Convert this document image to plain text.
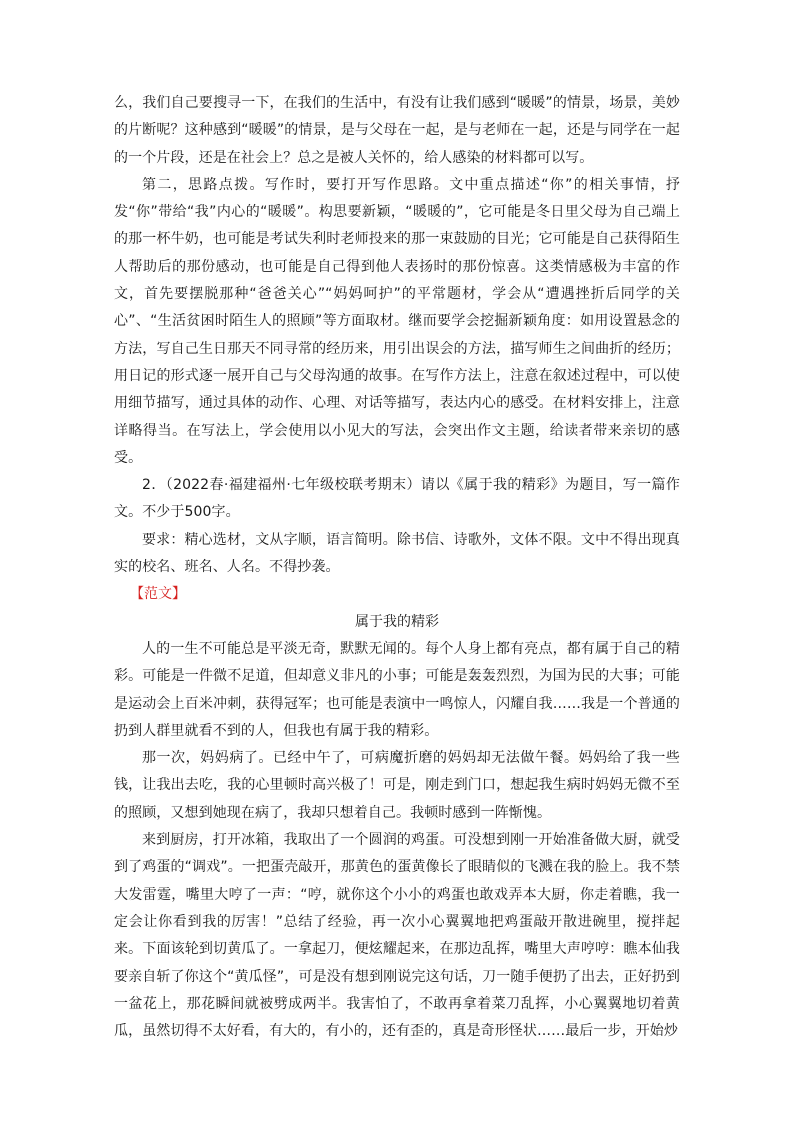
么，我们自己要搜寻一下，在我们的生活中，有没有让我们感到“暖暖”的情景，场景，美妙的片断呢？这种感到“暖暖”的情景，是与父母在一起，是与老师在一起，还是与同学在一起的一个片段，还是在社会上？总之是被人关怀的，给人感染的材料都可以写。

第二，思路点拨。写作时，要打开写作思路。文中重点描述“你”的相关事情，抒发“你”带给“我”内心的“暖暖”。构思要新颖，“暖暖的”，它可能是冬日里父母为自己端上的那一杯牛奶，也可能是考试失利时老师投来的那一束鼓励的目光；它可能是自己获得陌生人帮助后的那份感动，也可能是自己得到他人表扬时的那份惊喜。这类情感极为丰富的作文，首先要摆脱那种“爸爸关心”“妈妈呵护”的平常题材，学会从“遭遇挫折后同学的关心”、“生活贫困时陌生人的照顾”等方面取材。继而要学会挖掘新颖角度：如用设置悬念的方法，写自己生日那天不同寻常的经历来，用引出误会的方法，描写师生之间曲折的经历；用日记的形式逐一展开自己与父母沟通的故事。在写作方法上，注意在叙述过程中，可以使用细节描写，通过具体的动作、心理、对话等描写，表达内心的感受。在材料安排上，注意详略得当。在写法上，学会使用以小见大的写法，会突出作文主题，给读者带来亲切的感受。

2．（2022春·福建福州·七年级校联考期末）请以《属于我的精彩》为题目，写一篇作文。不少于500字。

要求：精心选材，文从字顺，语言简明。除书信、诗歌外，文体不限。文中不得出现真实的校名、班名、人名。不得抄袭。

【范文】

属于我的精彩

人的一生不可能总是平淡无奇，默默无闻的。每个人身上都有亮点，都有属于自己的精彩。可能是一件微不足道，但却意义非凡的小事；可能是轰轰烈烈，为国为民的大事；可能是运动会上百米冲刺，获得冠军；也可能是表演中一鸣惊人，闪耀自我……我是一个普通的扔到人群里就看不到的人，但我也有属于我的精彩。

那一次，妈妈病了。已经中午了，可病魔折磨的妈妈却无法做午餐。妈妈给了我一些钱，让我出去吃，我的心里顿时高兴极了！可是，刚走到门口，想起我生病时妈妈无微不至的照顾，又想到她现在病了，我却只想着自己。我顿时感到一阵惭愧。

来到厨房，打开冰箱，我取出了一个圆润的鸡蛋。可没想到刚一开始准备做大厨，就受到了鸡蛋的“调戏”。一把蛋壳敲开，那黄色的蛋黄像长了眼睛似的飞溅在我的脸上。我不禁大发雷霆，嘴里大哼了一声：“哼，就你这个小小的鸡蛋也敢戏弄本大厨，你走着瞧，我一定会让你看到我的厉害！”总结了经验，再一次小心翼翼地把鸡蛋敲开散进碗里，搅拌起来。下面该轮到切黄瓜了。一拿起刀，便炫耀起来，在那边乱挥，嘴里大声哼哼：瞧本仙我要亲自斩了你这个“黄瓜怪”，可是没有想到刚说完这句话，刀一随手便扔了出去，正好扔到一盆花上，那花瞬间就被劈成两半。我害怕了，不敢再拿着菜刀乱挥，小心翼翼地切着黄瓜，虽然切得不太好看，有大的，有小的，还有歪的，真是奇形怪状……最后一步，开始炒
